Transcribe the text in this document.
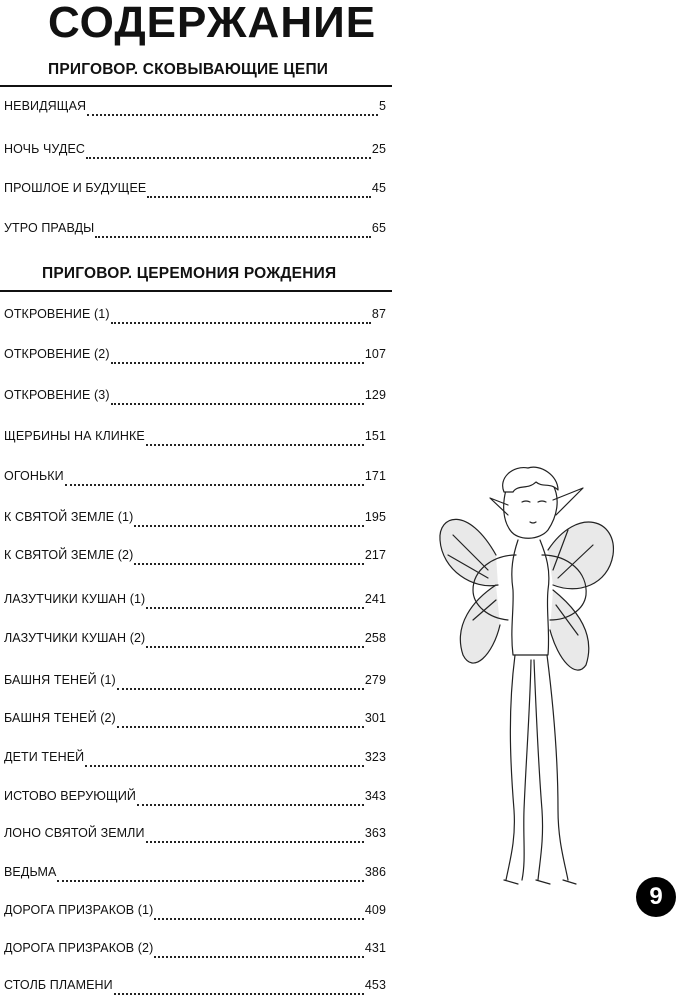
СОДЕРЖАНИЕ
ПРИГОВОР. СКОВЫВАЮЩИЕ ЦЕПИ
ПРИГОВОР. ЦЕРЕМОНИЯ РОЖДЕНИЯ
НЕВИДЯЩАЯ	5
НОЧЬ ЧУДЕС	25
ПРОШЛОЕ И БУДУЩЕЕ	45
УТРО ПРАВДЫ	65
ОТКРОВЕНИЕ (1)	87
ОТКРОВЕНИЕ (2)	107
ОТКРОВЕНИЕ (3)	129
ЩЕРБИНЫ НА КЛИНКЕ	151
ОГОНЬКИ	171
К СВЯТОЙ ЗЕМЛЕ (1)	195
К СВЯТОЙ ЗЕМЛЕ (2)	217
ЛАЗУТЧИКИ КУШАН (1)	241
ЛАЗУТЧИКИ КУШАН (2)	258
БАШНЯ ТЕНЕЙ (1)	279
БАШНЯ ТЕНЕЙ (2)	301
ДЕТИ ТЕНЕЙ	323
ИСТОВО ВЕРУЮЩИЙ	343
ЛОНО СВЯТОЙ ЗЕМЛИ	363
ВЕДЬМА	386
ДОРОГА ПРИЗРАКОВ (1)	409
ДОРОГА ПРИЗРАКОВ (2)	431
СТОЛБ ПЛАМЕНИ	453
9
